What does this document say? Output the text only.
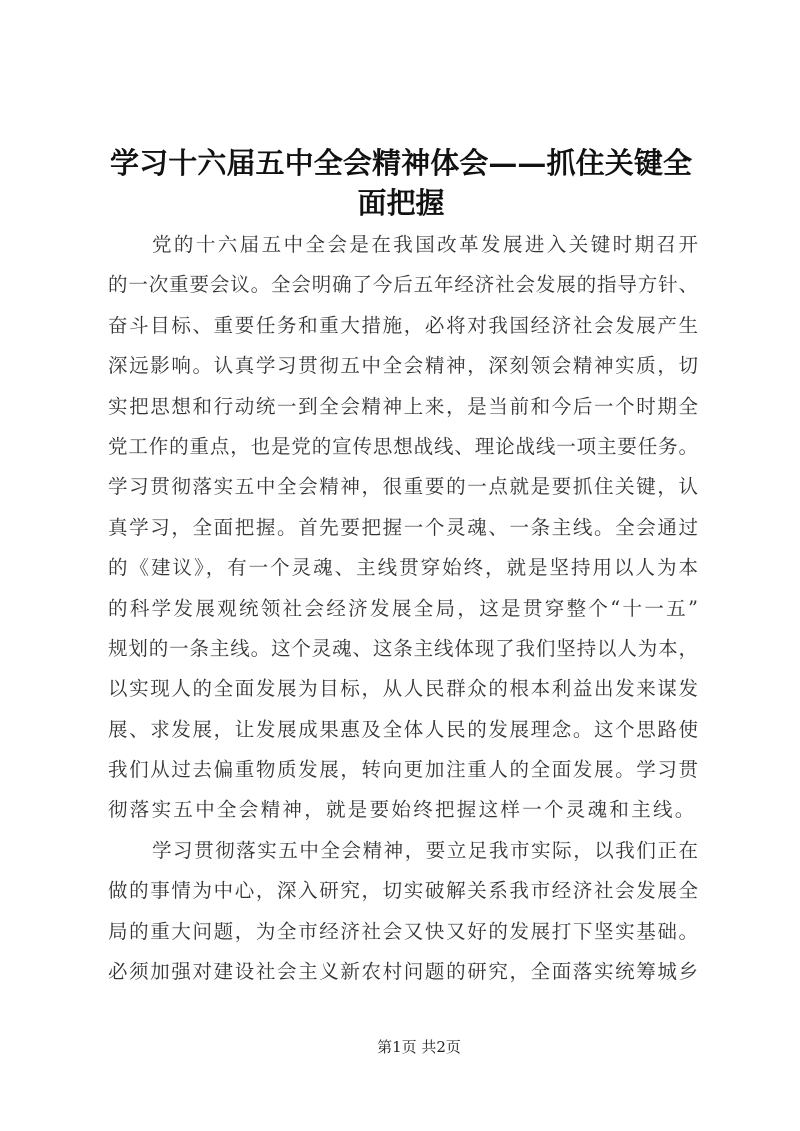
学习十六届五中全会精神体会——抓住关键全
面把握
党的十六届五中全会是在我国改革发展进入关键时期召开
的一次重要会议。全会明确了今后五年经济社会发展的指导方针、
奋斗目标、重要任务和重大措施，必将对我国经济社会发展产生
深远影响。认真学习贯彻五中全会精神，深刻领会精神实质，切
实把思想和行动统一到全会精神上来，是当前和今后一个时期全
党工作的重点，也是党的宣传思想战线、理论战线一项主要任务。
学习贯彻落实五中全会精神，很重要的一点就是要抓住关键，认
真学习，全面把握。首先要把握一个灵魂、一条主线。全会通过
的《建议》，有一个灵魂、主线贯穿始终，就是坚持用以人为本
的科学发展观统领社会经济发展全局，这是贯穿整个“十一五”
规划的一条主线。这个灵魂、这条主线体现了我们坚持以人为本，
以实现人的全面发展为目标，从人民群众的根本利益出发来谋发
展、求发展，让发展成果惠及全体人民的发展理念。这个思路使
我们从过去偏重物质发展，转向更加注重人的全面发展。学习贯
彻落实五中全会精神，就是要始终把握这样一个灵魂和主线。
学习贯彻落实五中全会精神，要立足我市实际，以我们正在
做的事情为中心，深入研究，切实破解关系我市经济社会发展全
局的重大问题，为全市经济社会又快又好的发展打下坚实基础。
必须加强对建设社会主义新农村问题的研究，全面落实统筹城乡
第1页 共2页
